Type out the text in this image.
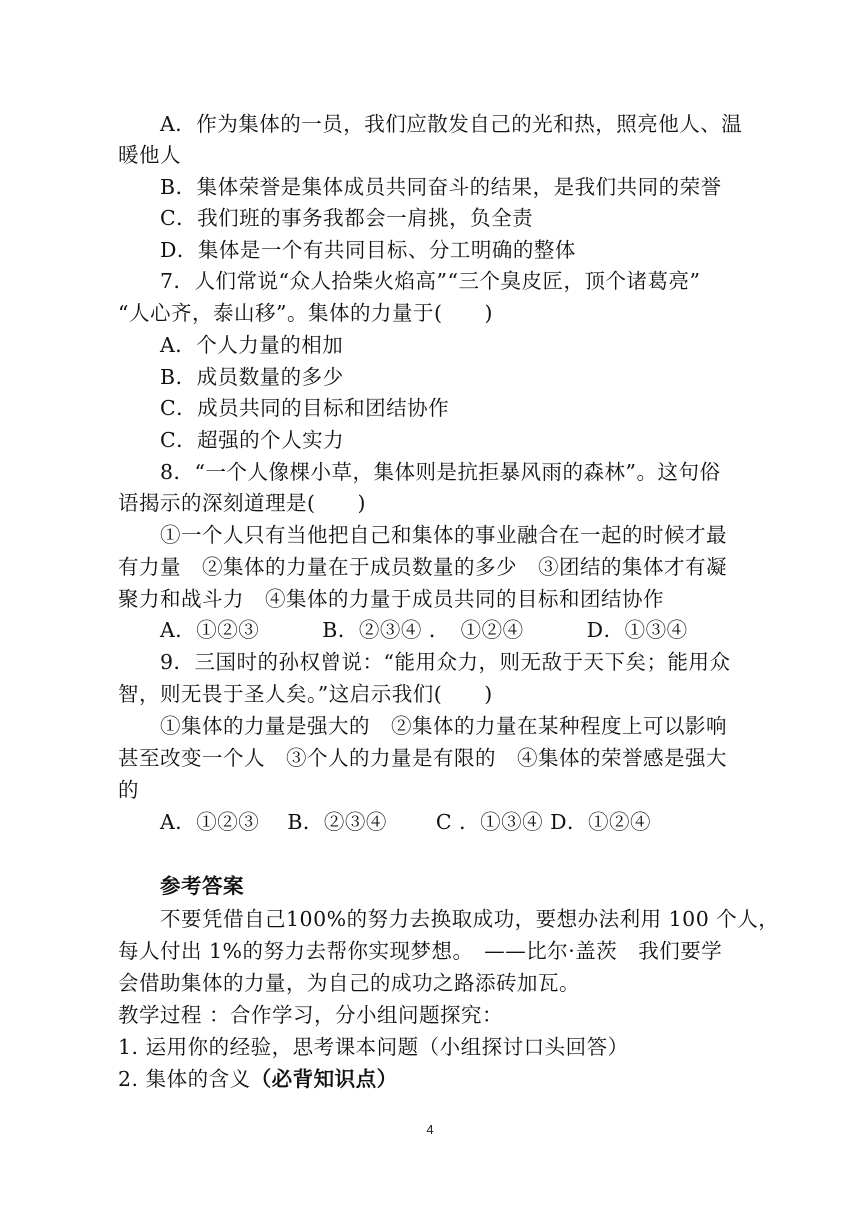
A．作为集体的一员，我们应散发自己的光和热，照亮他人、温
暖他人
B．集体荣誉是集体成员共同奋斗的结果，是我们共同的荣誉
C．我们班的事务我都会一肩挑，负全责
D．集体是一个有共同目标、分工明确的整体
7．人们常说“众人拾柴火焰高”“三个臭皮匠，顶个诸葛亮”
“人心齐，泰山移”。集体的力量于(　　)
A．个人力量的相加
B．成员数量的多少
C．成员共同的目标和团结协作
C．超强的个人实力
8．“一个人像棵小草，集体则是抗拒暴风雨的森林”。这句俗
语揭示的深刻道理是(　　)
①一个人只有当他把自己和集体的事业融合在一起的时候才最
有力量　②集体的力量在于成员数量的多少　③团结的集体才有凝
聚力和战斗力　④集体的力量于成员共同的目标和团结协作
A．①②③　　　B．②③④ ．　①②④　　　D．①③④
9．三国时的孙权曾说：“能用众力，则无敌于天下矣；能用众
智，则无畏于圣人矣。”这启示我们(　　)
①集体的力量是强大的　②集体的力量在某种程度上可以影响
甚至改变一个人　③个人的力量是有限的　④集体的荣誉感是强大
的
A．①②③　 B．②③④　　 C ．①③④ D．①②④
参考答案
不要凭借自己100%的努力去换取成功，要想办法利用 100 个人，
每人付出 1%的努力去帮你实现梦想。　——比尔·盖茨　我们要学
会借助集体的力量，为自己的成功之路添砖加瓦。
教学过程 ：合作学习，分小组问题探究：
1. 运用你的经验，思考课本问题（小组探讨口头回答）
2. 集体的含义（必背知识点）
4
